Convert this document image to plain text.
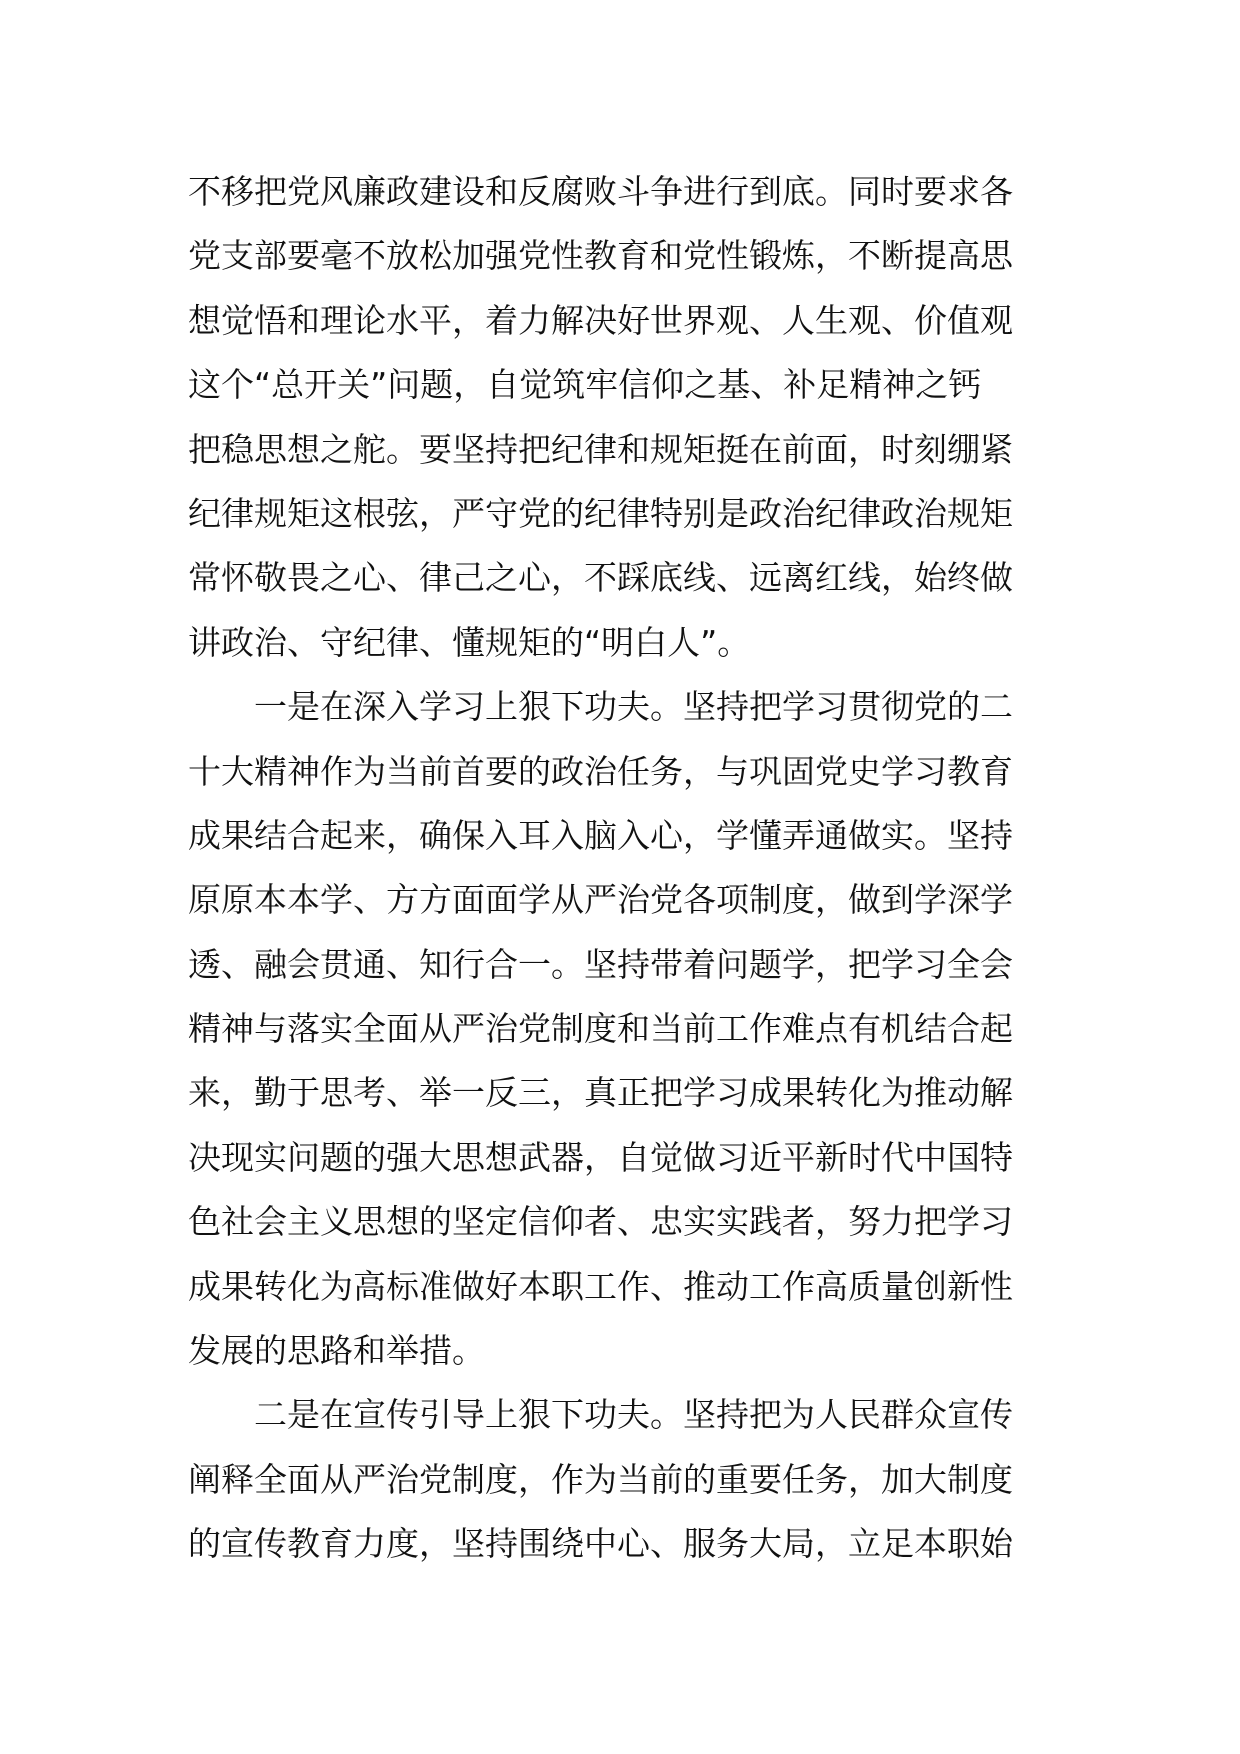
不移把党风廉政建设和反腐败斗争进行到底。同时要求各
党支部要毫不放松加强党性教育和党性锻炼，不断提高思
想觉悟和理论水平，着力解决好世界观、人生观、价值观
这个“总开关”问题，自觉筑牢信仰之基、补足精神之钙
把稳思想之舵。要坚持把纪律和规矩挺在前面，时刻绷紧
纪律规矩这根弦，严守党的纪律特别是政治纪律政治规矩
常怀敬畏之心、律己之心，不踩底线、远离红线，始终做
讲政治、守纪律、懂规矩的“明白人”。
一是在深入学习上狠下功夫。坚持把学习贯彻党的二
十大精神作为当前首要的政治任务，与巩固党史学习教育
成果结合起来，确保入耳入脑入心，学懂弄通做实。坚持
原原本本学、方方面面学从严治党各项制度，做到学深学
透、融会贯通、知行合一。坚持带着问题学，把学习全会
精神与落实全面从严治党制度和当前工作难点有机结合起
来，勤于思考、举一反三，真正把学习成果转化为推动解
决现实问题的强大思想武器，自觉做习近平新时代中国特
色社会主义思想的坚定信仰者、忠实实践者，努力把学习
成果转化为高标准做好本职工作、推动工作高质量创新性
发展的思路和举措。
二是在宣传引导上狠下功夫。坚持把为人民群众宣传
阐释全面从严治党制度，作为当前的重要任务，加大制度
的宣传教育力度，坚持围绕中心、服务大局，立足本职始
